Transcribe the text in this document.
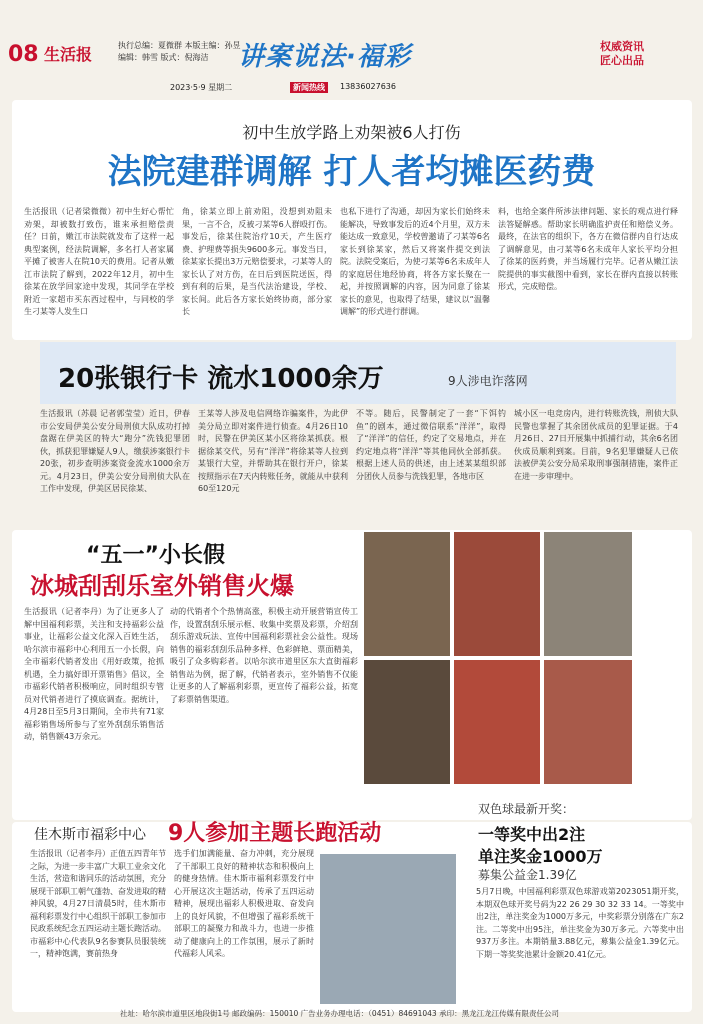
08 生活报	执行总编：夏微群 本版主编：孙昱
编辑：韩雪 版式：倪海洁	讲案说法·福彩	权威资讯
匠心出品
2023·5·9 星期二	新闻热线	13836027636
初中生放学路上劝架被6人打伤
法院建群调解 打人者均摊医药费
生活报讯（记者梁微微）初中生好心帮忙劝架，却被数打致伤，谁来承担赔偿责任？日前，嫩江市法院就发布了这样一起典型案例，经法院调解，多名打人者家属平摊了被害人在院10天的费用。记者从嫩江市法院了解到，2022年12月，初中生徐某在放学回家途中发现，其同学在学校附近一家超市买东西过程中，与同校的学生刁某等人发生口
角，徐某立即上前劝阻，没想到劝阻未果，一言不合，反被刁某等6人群殴打伤。事发后，徐某住院治疗10天，产生医疗费、护理费等损失9600多元。事发当日，徐某家长提出3万元赔偿要求，刁某等人的家长认了对方伤，在日后到医院送医，得到有利的后果，是当代法治建设，学校、家长间。此后各方家长始终协商，部分家长
也私下进行了沟通，却因为家长们始终未能解决，导致事发后的近4个月里，双方未能达成一致意见，学校曾邀请了刁某等6名家长到徐某家，然后又将案件提交到法院。法院受案后，为使刁某等6名未成年人的家庭居住地经协商，将各方家长聚在一起，并按照调解的内容，因为同意了徐某家长的意见，也取得了结果，建议以“温馨调解”的形式进行群调。
料，也给全案件所涉法律问题、家长的观点进行释法答疑解惑。帮助家长明确监护责任和赔偿义务。最终，在法官的组织下，各方在微信群内自行达成了调解意见，由刁某等6名未成年人家长平均分担了徐某的医药费，并当场履行完毕。记者从嫩江法院提供的事实截图中看到，家长在群内直接以转账形式，完成赔偿。
20张银行卡 流水1000余万	9人涉电诈落网
生活报讯（苏晨 记者郭莹莹）近日，伊春市公安局伊美公安分局刑侦大队成功打掉盘踞在伊美区的特大“跑分”洗钱犯罪团伙，抓获犯罪嫌疑人9人，缴获涉案银行卡20张，初步查明涉案资金流水1000余万元。4月23日，伊美公安分局刑侦大队在工作中发现，伊美区居民徐某、
王某等人涉及电信网络诈骗案件，为此伊美分局立即对案件进行侦查。4月26日10时，民警在伊美区某小区将徐某抓获。根据徐某交代，另有“洋洋”将徐某等人拉到某银行大堂，并帮助其在银行开户，徐某按照指示在7天内转账任务，就能从中获利60至120元
不等。随后，民警制定了一套“下饵钓鱼”的剧本，通过微信联系“洋洋”，取得了“洋洋”的信任，约定了交易地点，并在约定地点将“洋洋”等其他同伙全部抓获。根据上述人员的供述，由上述某某组织部分团伙人员参与洗钱犯罪，各地市区
城小区一电竞房内，进行转账洗钱，刑侦大队民警也掌握了其余团伙成员的犯罪证据。于4月26日、27日开展集中抓捕行动，其余6名团伙成员顺利到案。目前，9名犯罪嫌疑人已依法被伊美公安分局采取刑事强制措施，案件正在进一步审理中。
“五一”小长假
冰城刮刮乐室外销售火爆
生活报讯（记者李丹）为了让更多人了解中国福利彩票，关注和支持福彩公益事业，让福彩公益文化深入百姓生活，哈尔滨市福彩中心利用五一小长假，向全市福彩代销者发出《用好政策，抢抓机遇，全力搞好即开票销售》倡议，全市福彩代销者积极响应，同时组织专管员对代销者进行了摸底调查。据统计，4月28日至5月3日期间，全市共有71家福彩销售场所参与了室外刮刮乐销售活动，销售额43万余元。
动的代销者个个热情高涨，积极主动开展营销宣传工作，设置刮刮乐展示框、收集中奖票及彩票，介绍刮刮乐游戏玩法、宣传中国福利彩票社会公益性。现场销售的福彩刮刮乐品种多样、色彩鲜艳、票面精美，吸引了众多购彩者。以哈尔滨市道里区东大直街福彩销售站为例，据了解，代销者表示，室外销售不仅能让更多的人了解福利彩票，更宣传了福彩公益，拓宽了彩票销售渠道。
佳木斯市福彩中心 9人参加主题长跑活动
生活报讯（记者李丹）正值五四青年节之际，为进一步丰富广大职工业余文化生活，营造和谐同乐的活动氛围，充分展现干部职工朝气蓬勃、奋发进取的精神风貌，4月27日清晨5时，佳木斯市福利彩票发行中心组织干部职工参加市民政系统纪念五四运动主题长跑活动。市福彩中心代表队9名参赛队员服装统一，精神饱满，赛前热身
选手们加满能量、奋力冲刺，充分展现了干部职工良好的精神状态和积极向上的健身热情。佳木斯市福利彩票发行中心开展这次主题活动，传承了五四运动精神，展现出福彩人积极进取、奋发向上的良好风貌，不但增强了福彩系统干部职工的凝聚力和战斗力，也进一步推动了健康向上的工作氛围，展示了新时代福彩人风采。
双色球最新开奖：
一等奖中出2注
单注奖金1000万
募集公益金1.39亿
5月7日晚，中国福利彩票双色球游戏第2023051期开奖，本期双色球开奖号码为22 26 29 30 32 33 14。一等奖中出2注，单注奖金为1000万多元，中奖彩票分别落在广东2注。二等奖中出95注，单注奖金为30万多元。六等奖中出937万多注。本期销量3.88亿元，募集公益金1.39亿元。下期一等奖奖池累计金额20.41亿元。
社址：哈尔滨市道里区地段街1号 邮政编码：150010 广告业务办理电话：（0451）84691043 承印：黑龙江龙江传媒有限责任公司
